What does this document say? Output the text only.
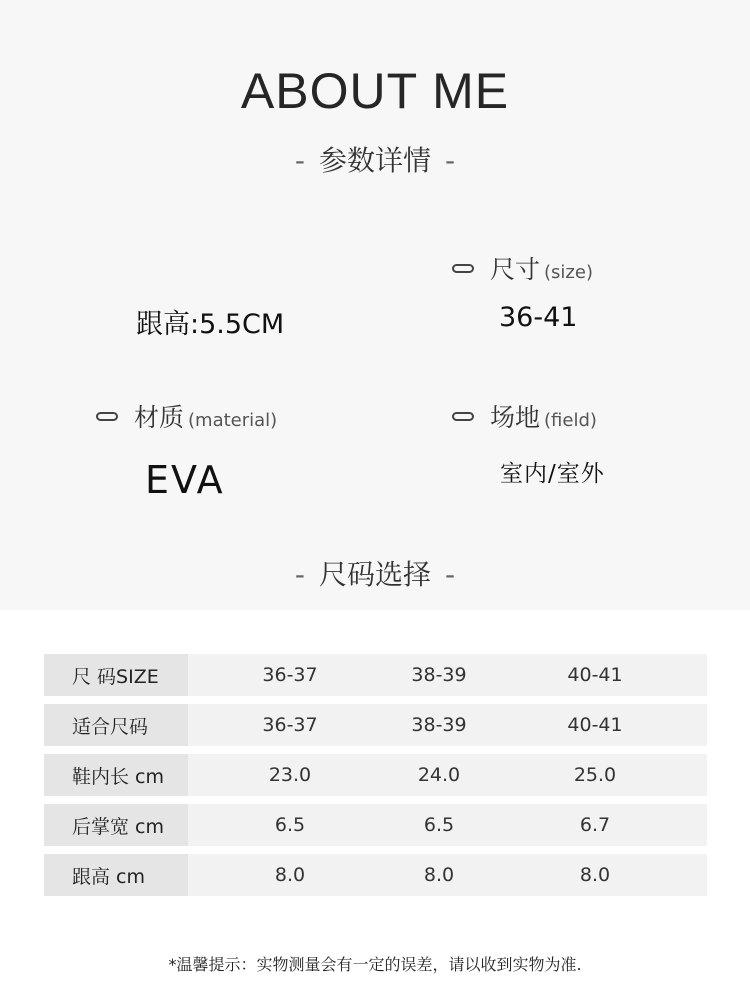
ABOUT ME
- 参数详情 -
尺寸 (size)
跟高:5.5CM	36-41
材质 (material)	场地 (field)
EVA	室内/室外
- 尺码选择 -
尺 码SIZE	36-37	38-39	40-41
适合尺码	36-37	38-39	40-41
鞋内长 cm	23.0	24.0	25.0
后掌宽 cm	6.5	6.5	6.7
跟高 cm	8.0	8.0	8.0
*温馨提示：实物测量会有一定的误差，请以收到实物为准.
